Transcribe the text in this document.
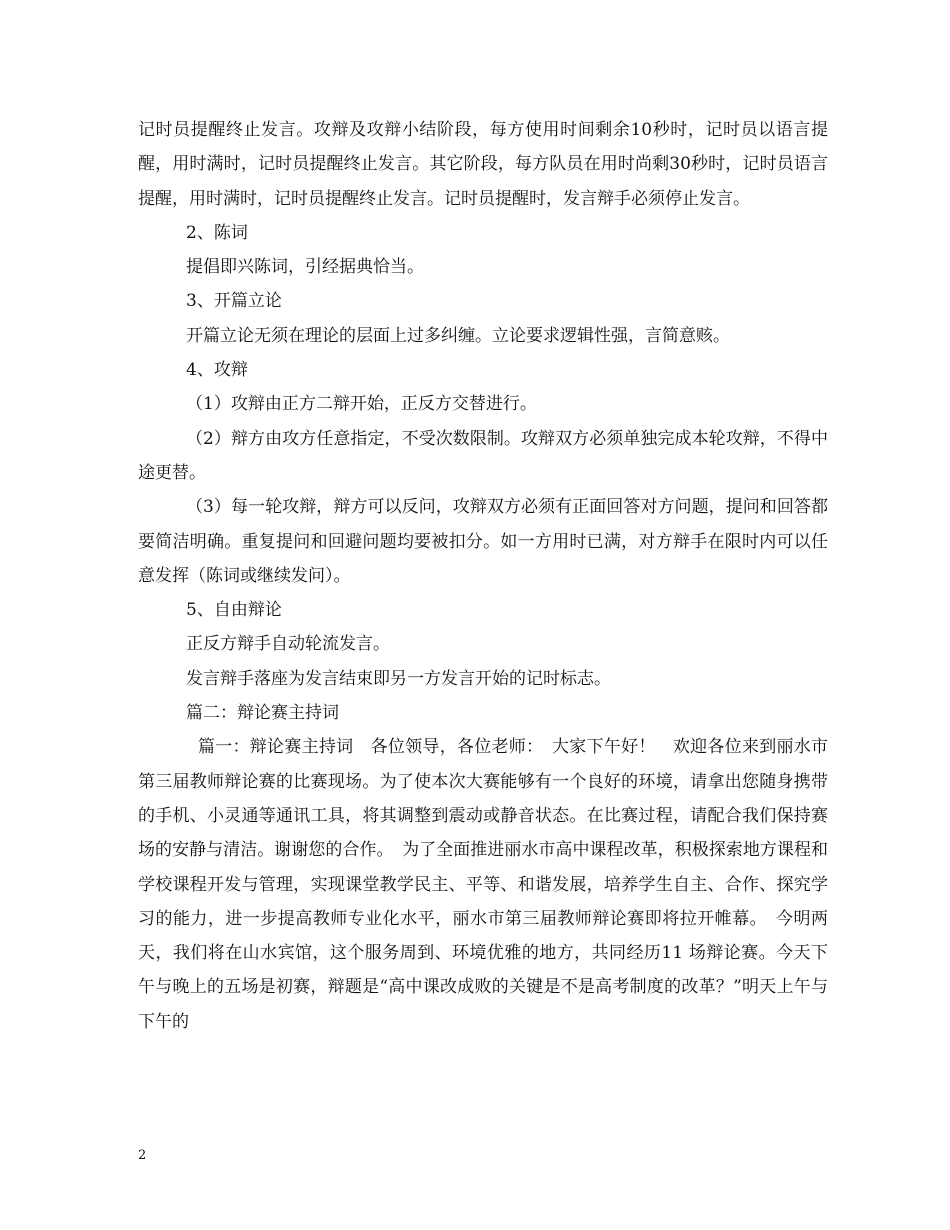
记时员提醒终止发言。攻辩及攻辩小结阶段，每方使用时间剩余10秒时，记时员以语言提醒，用时满时，记时员提醒终止发言。其它阶段，每方队员在用时尚剩30秒时，记时员语言提醒，用时满时，记时员提醒终止发言。记时员提醒时，发言辩手必须停止发言。

2、陈词

提倡即兴陈词，引经据典恰当。

3、开篇立论

开篇立论无须在理论的层面上过多纠缠。立论要求逻辑性强，言简意赅。

4、攻辩

（1）攻辩由正方二辩开始，正反方交替进行。

（2）辩方由攻方任意指定，不受次数限制。攻辩双方必须单独完成本轮攻辩，不得中途更替。

（3）每一轮攻辩，辩方可以反问，攻辩双方必须有正面回答对方问题，提问和回答都要简洁明确。重复提问和回避问题均要被扣分。如一方用时已满，对方辩手在限时内可以任意发挥（陈词或继续发问）。

5、自由辩论

正反方辩手自动轮流发言。

发言辩手落座为发言结束即另一方发言开始的记时标志。

篇二：辩论赛主持词

篇一：辩论赛主持词　各位领导，各位老师：　大家下午好！　欢迎各位来到丽水市第三届教师辩论赛的比赛现场。为了使本次大赛能够有一个良好的环境，请拿出您随身携带的手机、小灵通等通讯工具，将其调整到震动或静音状态。在比赛过程，请配合我们保持赛场的安静与清洁。谢谢您的合作。　为了全面推进丽水市高中课程改革，积极探索地方课程和学校课程开发与管理，实现课堂教学民主、平等、和谐发展，培养学生自主、合作、探究学习的能力，进一步提高教师专业化水平，丽水市第三届教师辩论赛即将拉开帷幕。　今明两天，我们将在山水宾馆，这个服务周到、环境优雅的地方，共同经历11 场辩论赛。今天下午与晚上的五场是初赛，辩题是“高中课改成败的关键是不是高考制度的改革？”明天上午与下午的

2
